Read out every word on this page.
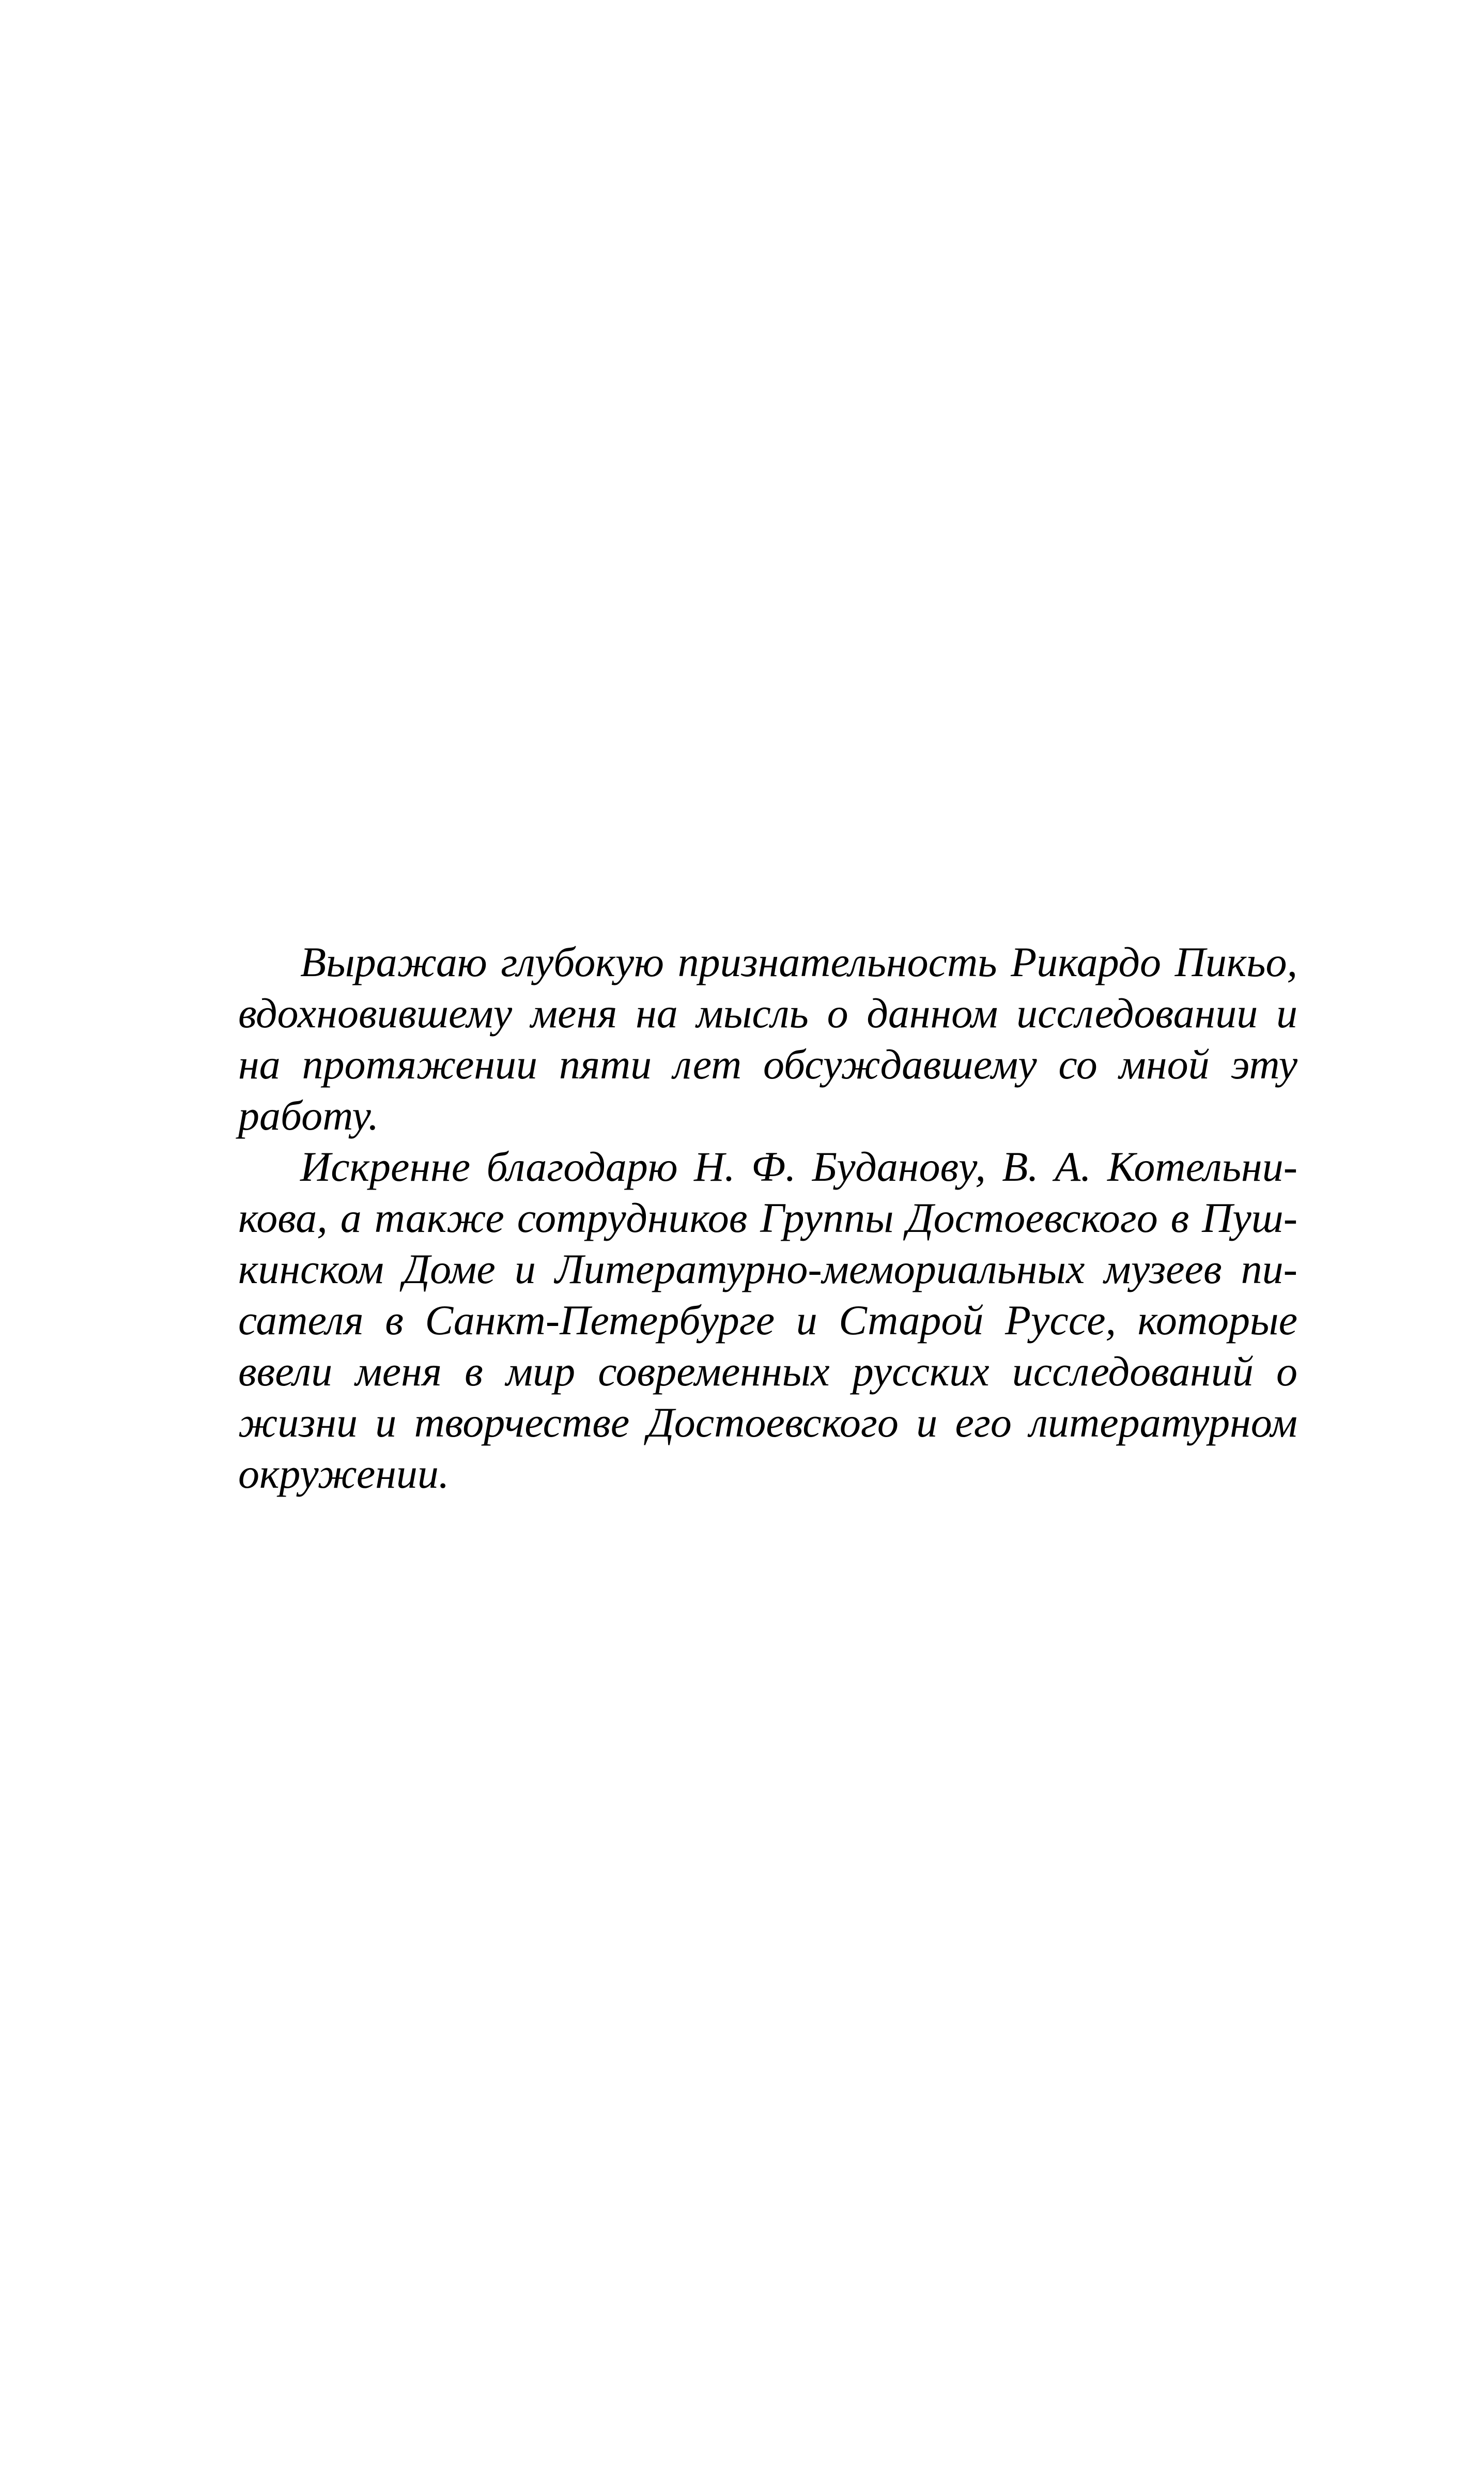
Выражаю глубокую признательность Рикардо Пикьо,
вдохновившему меня на мысль о данном исследовании и
на протяжении пяти лет обсуждавшему со мной эту
работу.
Искренне благодарю Н. Ф. Буданову, В. А. Котельни-
кова, а также сотрудников Группы Достоевского в Пуш-
кинском Доме и Литературно-мемориальных музеев пи-
сателя в Санкт-Петербурге и Старой Руссе, которые
ввели меня в мир современных русских исследований о
жизни и творчестве Достоевского и его литературном
окружении.
